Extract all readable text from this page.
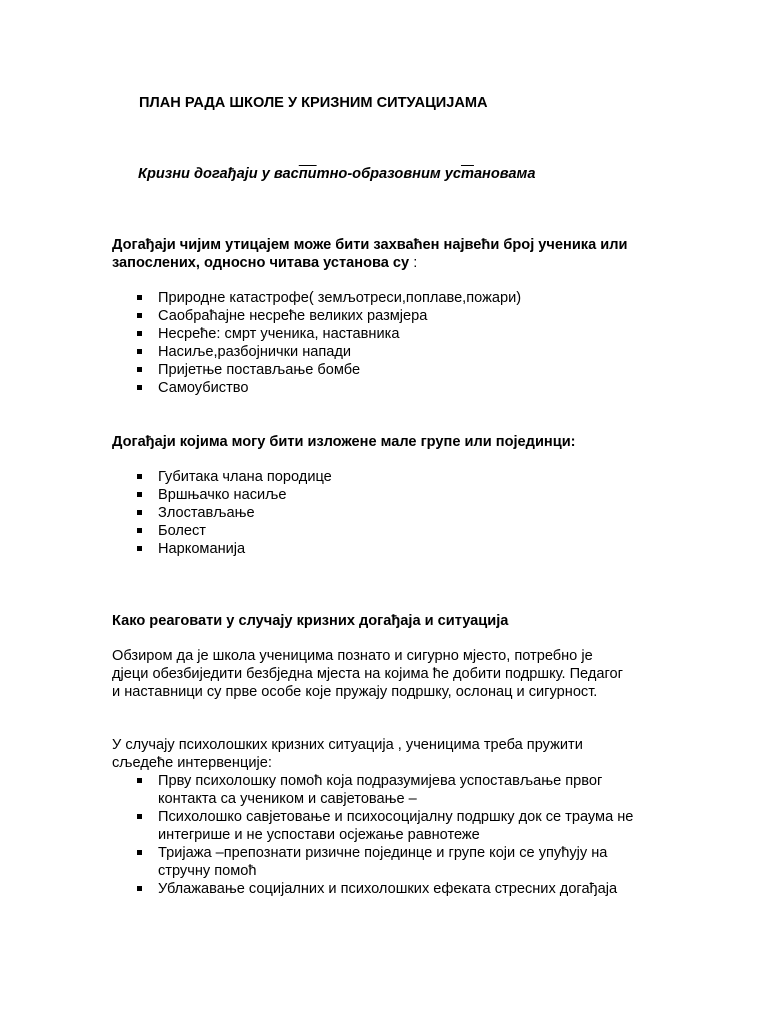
ПЛАН РАДА ШКОЛЕ У КРИЗНИМ СИТУАЦИЈАМА
Кризни догађаји у васпитно-образовним установама
Догађаји чијим утицајем може бити захваћен највећи број ученика или запослених, односно читава установа су :
Природне катастрофе( земљотреси,поплаве,пожари)
Саобраћајне несреће великих размјера
Несреће: смрт ученика, наставника
Насиље,разбојнички напади
Пријетње постављање бомбе
Самоубиство
Догађаји којима могу бити изложене мале групе или појединци:
Губитака члана породице
Вршњачко насиље
Злостављање
Болест
Наркоманија
Како реаговати у случају кризних догађаја и ситуација
Обзиром да је школа ученицима познато и сигурно мјесто, потребно је дјеци обезбиједити безбједна мјеста на којима ће добити подршку. Педагог и наставници су прве особе које пружају подршку, ослонац и сигурност.
У случају психолошких кризних ситуација , ученицима треба пружити сљедеће интервенције:
Прву психолошку помоћ која подразумијева успостављање првог контакта са учеником и савјетовање –
Психолошко савјетовање и психосоцијалну подршку док се траума не интегрише и не успостави осјежање равнотеже
Тријажа –препознати ризичне појединце и групе који се упућују на стручну помоћ
Ублажавање социјалних и психолошких ефеката стресних догађаја
